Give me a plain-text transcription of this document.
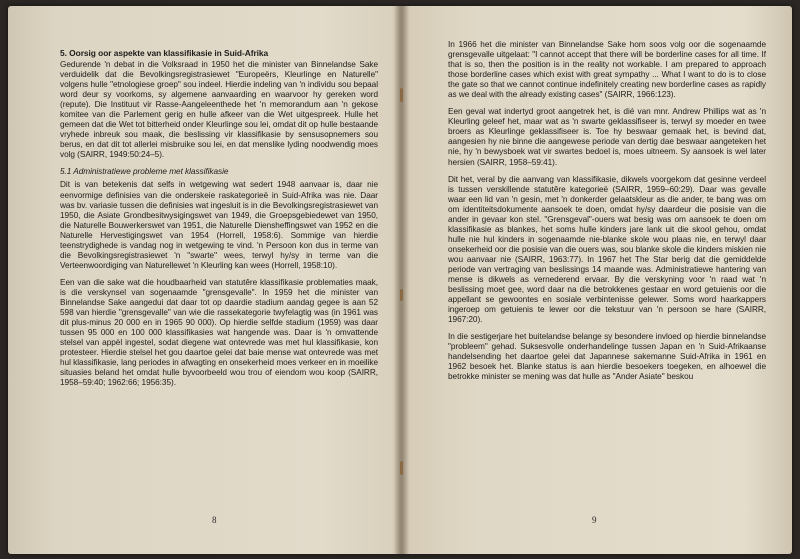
5. Oorsig oor aspekte van klassifikasie in Suid-Afrika

Gedurende 'n debat in die Volksraad in 1950 het die minister van Binnelandse Sake verduidelik dat die Bevolkingsregistrasiewet "Europeërs, Kleurlinge en Naturelle" volgens hulle "etnologiese groep" sou indeel. Hierdie indeling van 'n individu sou bepaal word deur sy voorkoms, sy algemene aanvaarding en waarvoor hy gereken word (repute). Die Instituut vir Rasse-Aangeleenthede het 'n memorandum aan 'n gekose komitee van die Parlement gerig en hulle afkeer van die Wet uitgespreek. Hulle het gemeen dat die Wet tot bitterheid onder Kleurlinge sou lei, omdat dit op hulle bestaande vryhede inbreuk sou maak, die beslissing vir klassifikasie by sensusopnemers sou berus, en dat dit tot allerlei misbruike sou lei, en dat menslike lyding noodwendig moes volg (SAIRR, 1949:50:24–5).

5.1 Administratiewe probleme met klassifikasie

Dit is van betekenis dat selfs in wetgewing wat sedert 1948 aanvaar is, daar nie eenvormige definisies van die onderskeie raskategorieë in Suid-Afrika was nie. Daar was bv. variasie tussen die definisies wat ingesluit is in die Bevolkingsregistrasiewet van 1950, die Asiate Grondbesitwysigingswet van 1949, die Groepsgebiedewet van 1950, die Naturelle Bouwerkerswet van 1951, die Naturelle Diensheffingswet van 1952 en die Naturelle Hervestigingswet van 1954 (Horrell, 1958:6). Sommige van hierdie teenstrydighede is vandag nog in wetgewing te vind. 'n Persoon kon dus in terme van die Bevolkingsregistrasiewet 'n "swarte" wees, terwyl hy/sy in terme van die Verteenwoordiging van Naturellewet 'n Kleurling kan wees (Horrell, 1958:10).

Een van die sake wat die houdbaarheid van statutêre klassifikasie problematies maak, is die verskynsel van sogenaamde "grensgevalle". In 1959 het die minister van Binnelandse Sake aangedui dat daar tot op daardie stadium aandag gegee is aan 52 598 van hierdie "grensgevalle" van wie die rassekategorie twyfelagtig was (in 1961 was dit plus-minus 20 000 en in 1965 90 000). Op hierdie selfde stadium (1959) was daar tussen 95 000 en 100 000 klassifikasies wat hangende was. Daar is 'n omvattende stelsel van appèl ingestel, sodat diegene wat ontevrede was met hul klassifikasie, kon protesteer. Hierdie stelsel het gou daartoe gelei dat baie mense wat ontevrede was met hul klassifikasie, lang periodes in afwagting en onsekerheid moes verkeer en in moeilike situasies beland het omdat hulle byvoorbeeld wou trou of eiendom wou koop (SAIRR, 1958–59:40; 1962:66; 1956:35).

8

In 1966 het die minister van Binnelandse Sake hom soos volg oor die sogenaamde grensgevalle uitgelaat: "I cannot accept that there will be borderline cases for all time. If that is so, then the position is in the reality not workable. I am prepared to approach those borderline cases which exist with great sympathy ... What I want to do is to close the gate so that we cannot continue indefinitely creating new borderline cases as rapidly as we deal with the already existing cases" (SAIRR, 1966:123).

Een geval wat indertyd groot aangetrek het, is dié van mnr. Andrew Phillips wat as 'n Kleurling geleef het, maar wat as 'n swarte geklassifiseer is, terwyl sy moeder en twee broers as Kleurlinge geklassifiseer is. Toe hy beswaar gemaak het, is bevind dat, aangesien hy nie binne die aangewese periode van dertig dae beswaar aangeteken het nie, hy 'n bewysboek wat vir swartes bedoel is, moes uitneem. Sy aansoek is wel later hersien (SAIRR, 1958–59:41).

Dit het, veral by die aanvang van klassifikasie, dikwels voorgekom dat gesinne verdeel is tussen verskillende statutêre kategorieë (SAIRR, 1959–60:29). Daar was gevalle waar een lid van 'n gesin, met 'n donkerder gelaatskleur as die ander, te bang was om om identiteitsdokumente aansoek te doen, omdat hy/sy daardeur die posisie van die ander in gevaar kon stel. "Grensgeval"-ouers wat besig was om aansoek te doen om klassifikasie as blankes, het soms hulle kinders jare lank uit die skool gehou, omdat hulle nie hul kinders in sogenaamde nie-blanke skole wou plaas nie, en terwyl daar onsekerheid oor die posisie van die ouers was, sou blanke skole die kinders miskien nie wou aanvaar nie (SAIRR, 1963:77). In 1967 het The Star berig dat die gemiddelde periode van vertraging van beslissings 14 maande was. Administratiewe hantering van mense is dikwels as vernederend ervaar. By die verskyning voor 'n raad wat 'n beslissing moet gee, word daar na die betrokkenes gestaar en word getuienis oor die appellant se gewoontes en sosiale verbintenisse gelewer. Soms word haarkappers ingeroep om getuienis te lewer oor die tekstuur van 'n persoon se hare (SAIRR, 1967:20).

In die sestigerjare het buitelandse belange sy besondere invloed op hierdie binnelandse "probleem" gehad. Suksesvolle onderhandelinge tussen Japan en 'n Suid-Afrikaanse handelsending het daartoe gelei dat Japannese sakemanne Suid-Afrika in 1961 en 1962 besoek het. Blanke status is aan hierdie besoekers toegeken, en alhoewel die betrokke minister se mening was dat hulle as "Ander Asiate" beskou

9
